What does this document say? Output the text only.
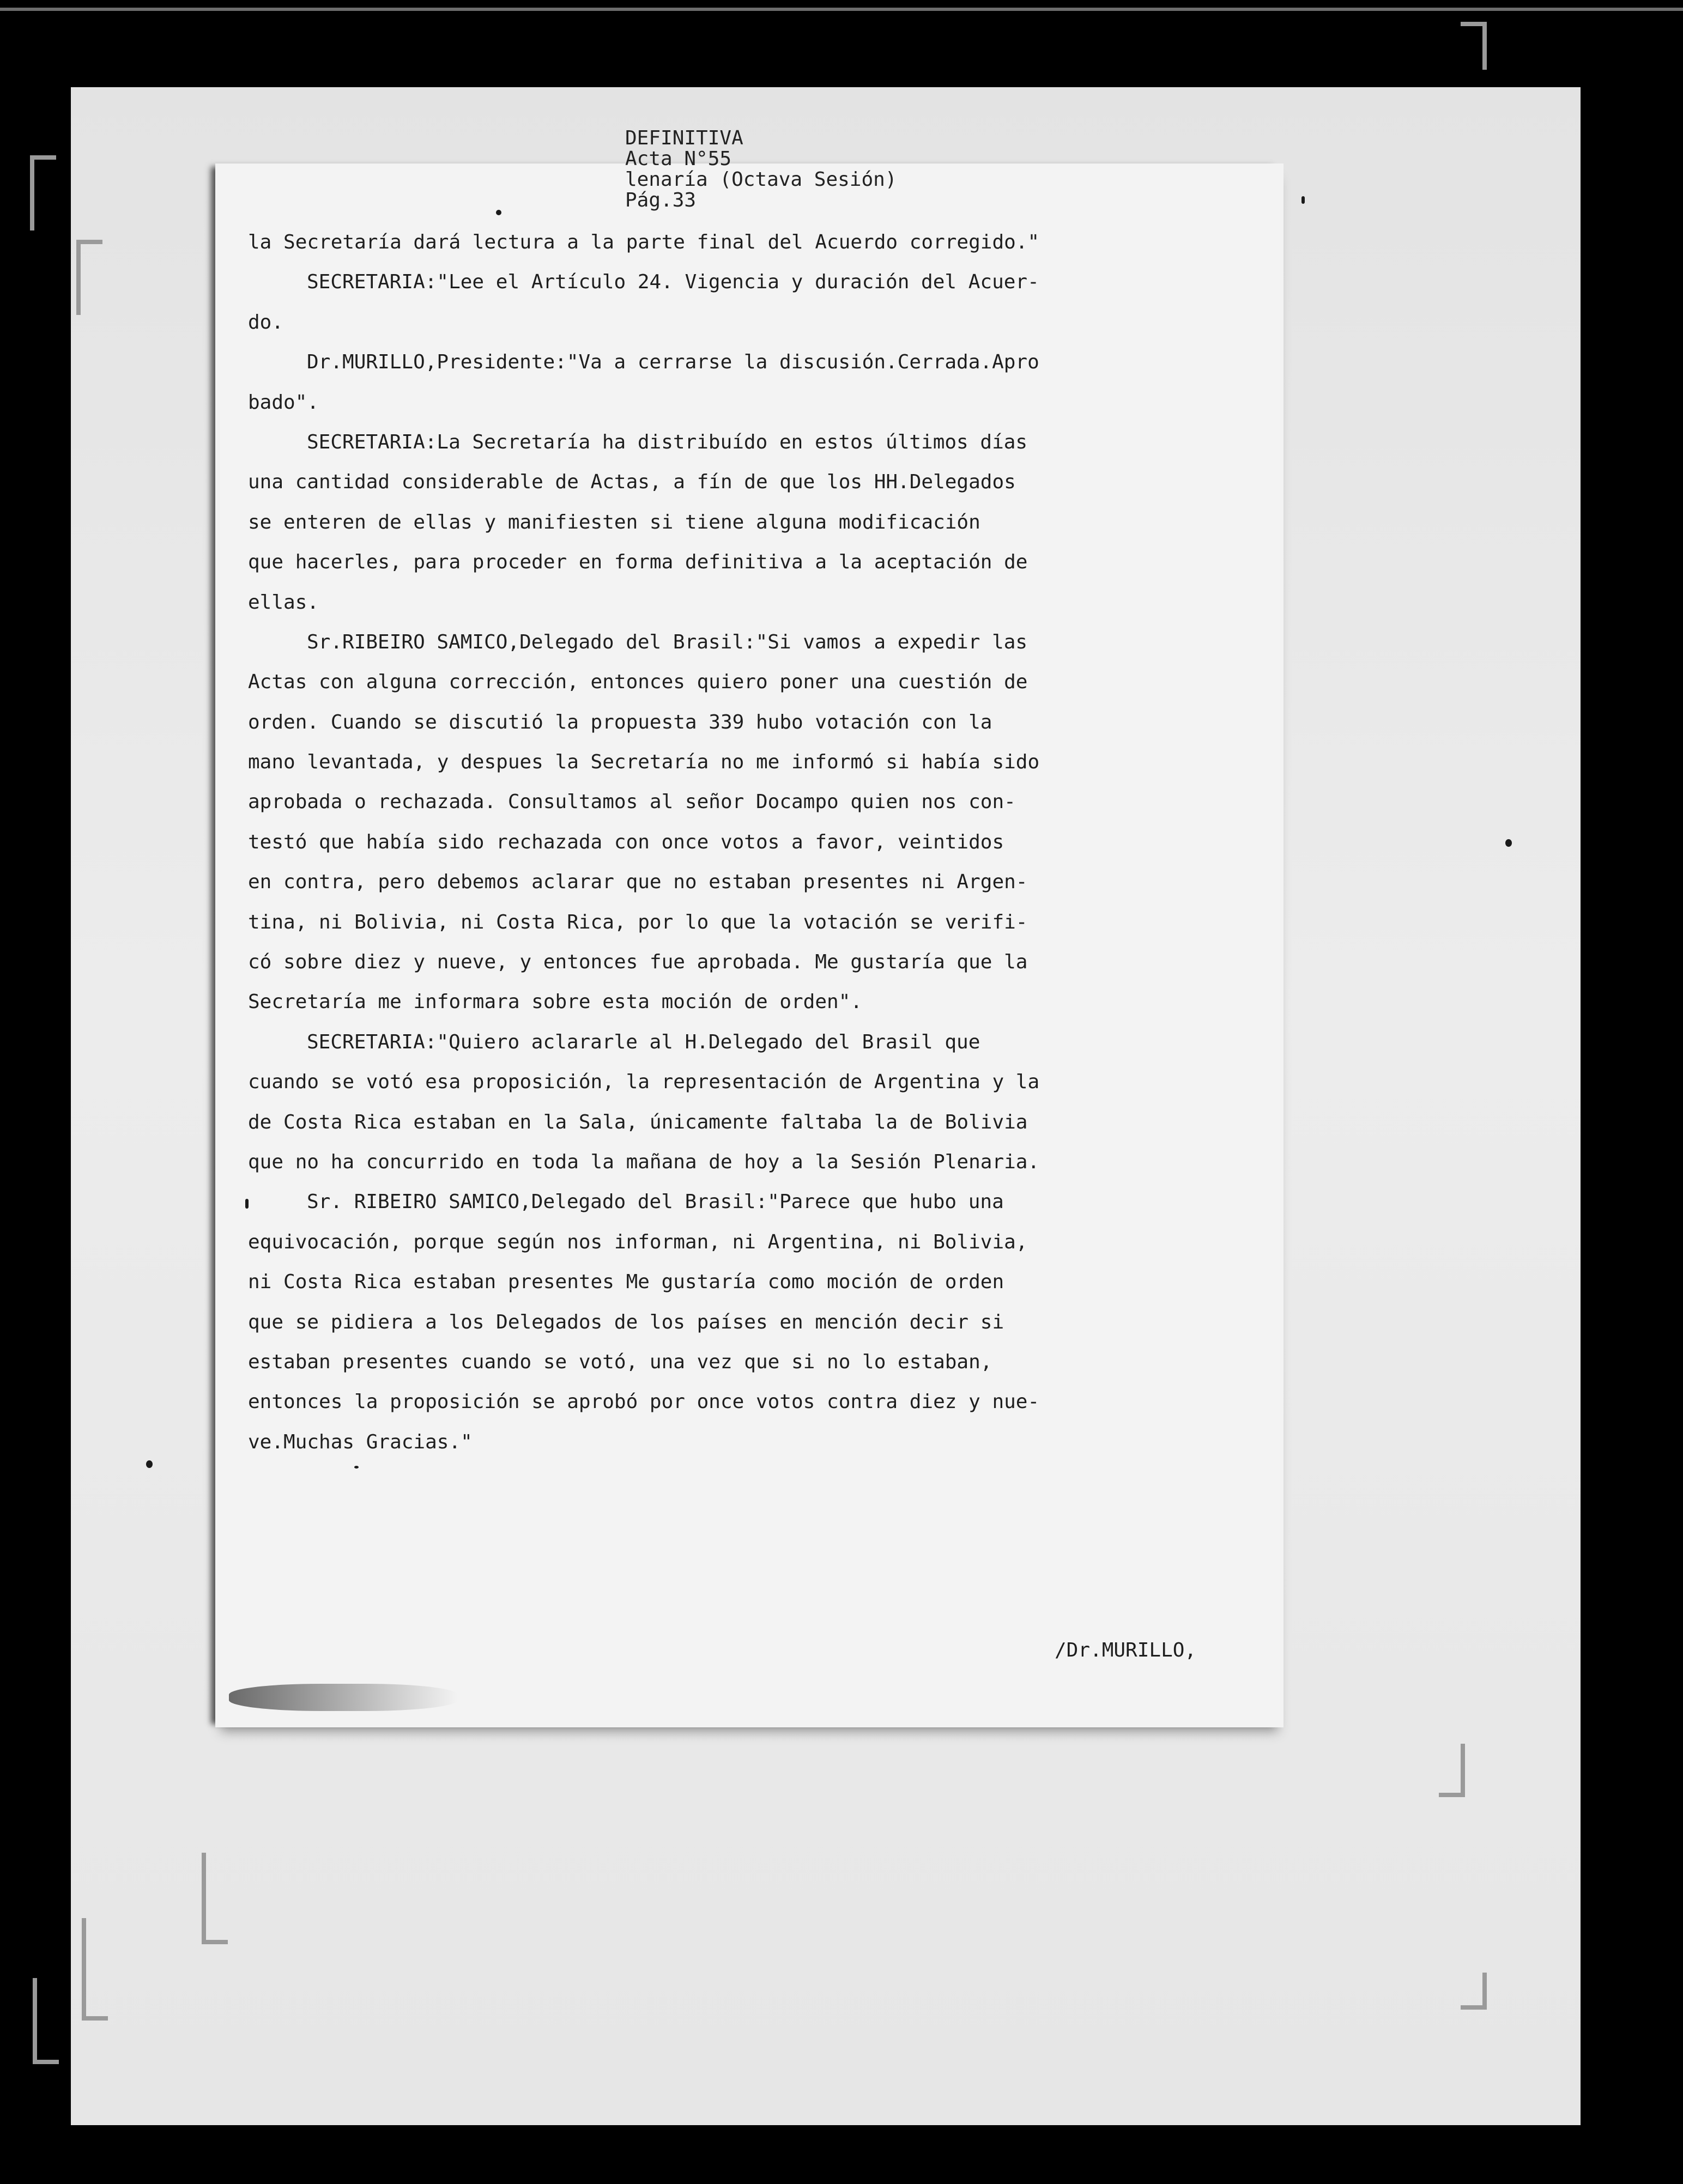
DEFINITIVA
Acta N°55
lenaría (Octava Sesión)
Pág.33
la Secretaría dará lectura a la parte final del Acuerdo corregido."
SECRETARIA:"Lee el Artículo 24. Vigencia y duración del Acuer-
do.
Dr.MURILLO,Presidente:"Va a cerrarse la discusión.Cerrada.Apro
bado".
SECRETARIA:La Secretaría ha distribuído en estos últimos días
una cantidad considerable de Actas, a fín de que los HH.Delegados
se enteren de ellas y manifiesten si tiene alguna modificación
que hacerles, para proceder en forma definitiva a la aceptación de
ellas.
Sr.RIBEIRO SAMICO,Delegado del Brasil:"Si vamos a expedir las
Actas con alguna corrección, entonces quiero poner una cuestión de
orden. Cuando se discutió la propuesta 339 hubo votación con la
mano levantada, y despues la Secretaría no me informó si había sido
aprobada o rechazada. Consultamos al señor Docampo quien nos con-
testó que había sido rechazada con once votos a favor, veintidos
en contra, pero debemos aclarar que no estaban presentes ni Argen-
tina, ni Bolivia, ni Costa Rica, por lo que la votación se verifi-
có sobre diez y nueve, y entonces fue aprobada. Me gustaría que la
Secretaría me informara sobre esta moción de orden".
SECRETARIA:"Quiero aclararle al H.Delegado del Brasil que
cuando se votó esa proposición, la representación de Argentina y la
de Costa Rica estaban en la Sala, únicamente faltaba la de Bolivia
que no ha concurrido en toda la mañana de hoy a la Sesión Plenaria.
Sr. RIBEIRO SAMICO,Delegado del Brasil:"Parece que hubo una
equivocación, porque según nos informan, ni Argentina, ni Bolivia,
ni Costa Rica estaban presentes Me gustaría como moción de orden
que se pidiera a los Delegados de los países en mención decir si
estaban presentes cuando se votó, una vez que si no lo estaban,
entonces la proposición se aprobó por once votos contra diez y nue-
ve.Muchas Gracias."
/Dr.MURILLO,
